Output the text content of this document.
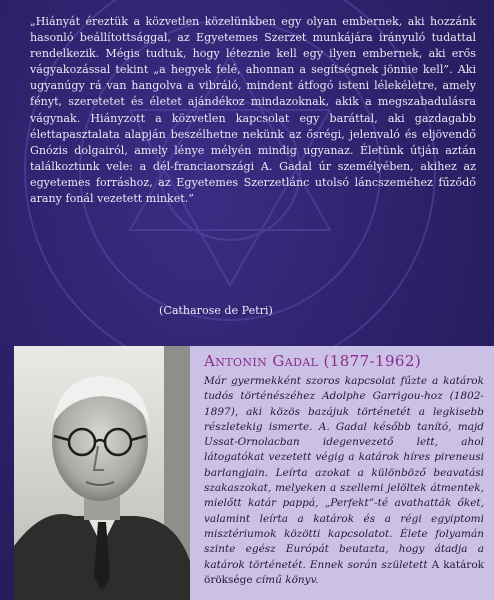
„Hiányát éreztük a közvetlen közelünkben egy olyan embernek, aki hozzánk hasonló beállítottsággal, az Egyetemes Szerzet munkájára irányuló tudattal rendelkezik. Mégis tudtuk, hogy léteznie kell egy ilyen embernek, aki erős vágyakozással tekint „a hegyek felé, ahonnan a segítségnek jönnie kell”. Aki ugyanúgy rá van hangolva a vibráló, mindent átfogó isteni lélekéletre, amely fényt, szeretetet és életet ajándékoz mindazoknak, akik a megszabadulásra vágynak. Hiányzott a közvetlen kapcsolat egy baráttal, aki gazdagabb élettapasztalata alapján beszélhetne nekünk az ősrégi, jelenvaló és eljövendő Gnózis dolgairól, amely lénye mélyén mindig ugyanaz. Életünk útján aztán találkoztunk vele: a dél-franciaországi A. Gadal úr személyében, akihez az egyetemes forráshoz, az Egyetemes Szerzetlánc utolsó láncszeméhez fűződő arany fonál vezetett minket.”

(Catharose de Petri)

Antonin Gadal (1877-1962)

Már gyermekként szoros kapcsolat fűzte a katárok tudós történészéhez Adolphe Garrigou-hoz (1802-1897), aki közös bazájuk történetét a legkisebb részletekig ismerte. A. Gadal később tanító, majd Ussat-Ornolacban idegenvezető lett, ahol látogatókat vezetett végig a katárok híres pireneusi barlangjain. Leírta azokat a különböző beavatási szakaszokat, melyeken a szellemi jelöltek átmentek, mielőtt katár pappá, „Perfekt”-té avathatták őket, valamint leírta a katárok és a régi egyiptomi misztériumok közötti kapcsolatot. Élete folyamán szinte egész Európát beutazta, hogy átadja a katárok történetét. Ennek során született A katárok öröksége című könyv.
